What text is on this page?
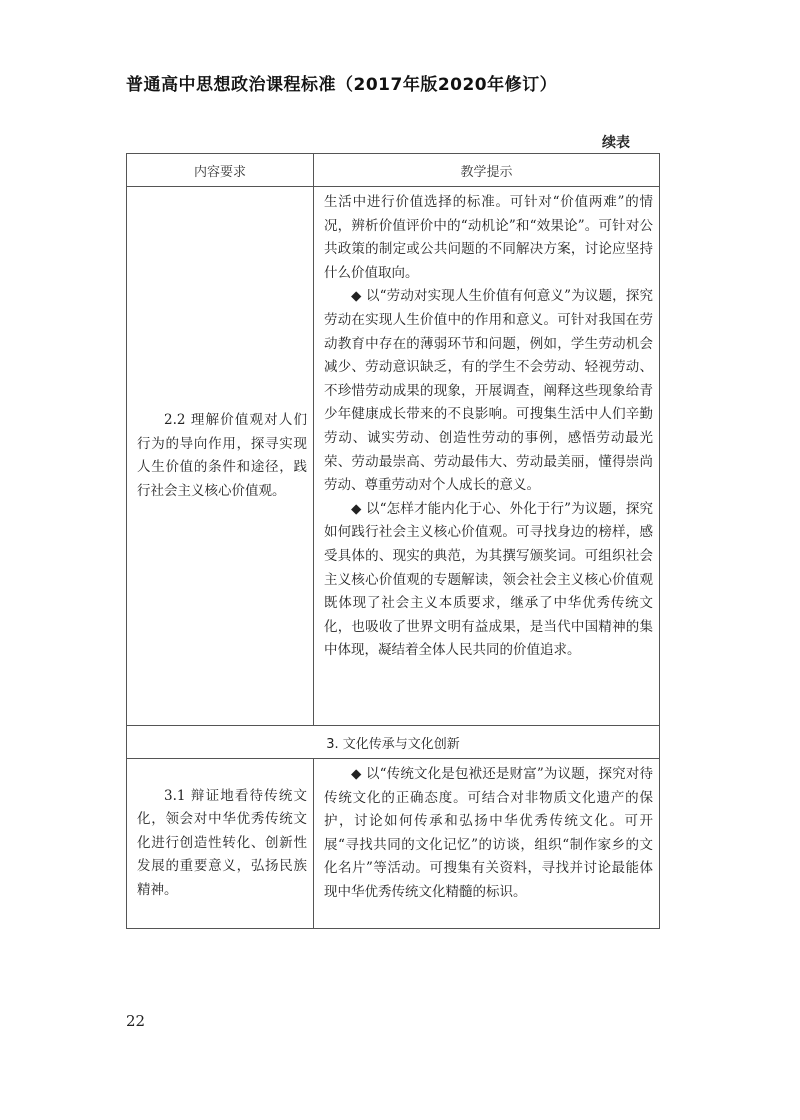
普通高中思想政治课程标准（2017年版2020年修订）
续表
内容要求	教学提示

2.2 理解价值观对人们行为的导向作用，探寻实现人生价值的条件和途径，践行社会主义核心价值观。	生活中进行价值选择的标准。可针对“价值两难”的情况，辨析价值评价中的“动机论”和“效果论”。可针对公共政策的制定或公共问题的不同解决方案，讨论应坚持什么价值取向。

◆ 以“劳动对实现人生价值有何意义”为议题，探究劳动在实现人生价值中的作用和意义。可针对我国在劳动教育中存在的薄弱环节和问题，例如，学生劳动机会减少、劳动意识缺乏，有的学生不会劳动、轻视劳动、不珍惜劳动成果的现象，开展调查，阐释这些现象给青少年健康成长带来的不良影响。可搜集生活中人们辛勤劳动、诚实劳动、创造性劳动的事例，感悟劳动最光荣、劳动最崇高、劳动最伟大、劳动最美丽，懂得崇尚劳动、尊重劳动对个人成长的意义。

◆ 以“怎样才能内化于心、外化于行”为议题，探究如何践行社会主义核心价值观。可寻找身边的榜样，感受具体的、现实的典范，为其撰写颁奖词。可组织社会主义核心价值观的专题解读，领会社会主义核心价值观既体现了社会主义本质要求，继承了中华优秀传统文化，也吸收了世界文明有益成果，是当代中国精神的集中体现，凝结着全体人民共同的价值追求。

3. 文化传承与文化创新	

3.1 辩证地看待传统文化，领会对中华优秀传统文化进行创造性转化、创新性发展的重要意义，弘扬民族精神。	◆ 以“传统文化是包袱还是财富”为议题，探究对待传统文化的正确态度。可结合对非物质文化遗产的保护，讨论如何传承和弘扬中华优秀传统文化。可开展“寻找共同的文化记忆”的访谈，组织“制作家乡的文化名片”等活动。可搜集有关资料，寻找并讨论最能体现中华优秀传统文化精髓的标识。

22
